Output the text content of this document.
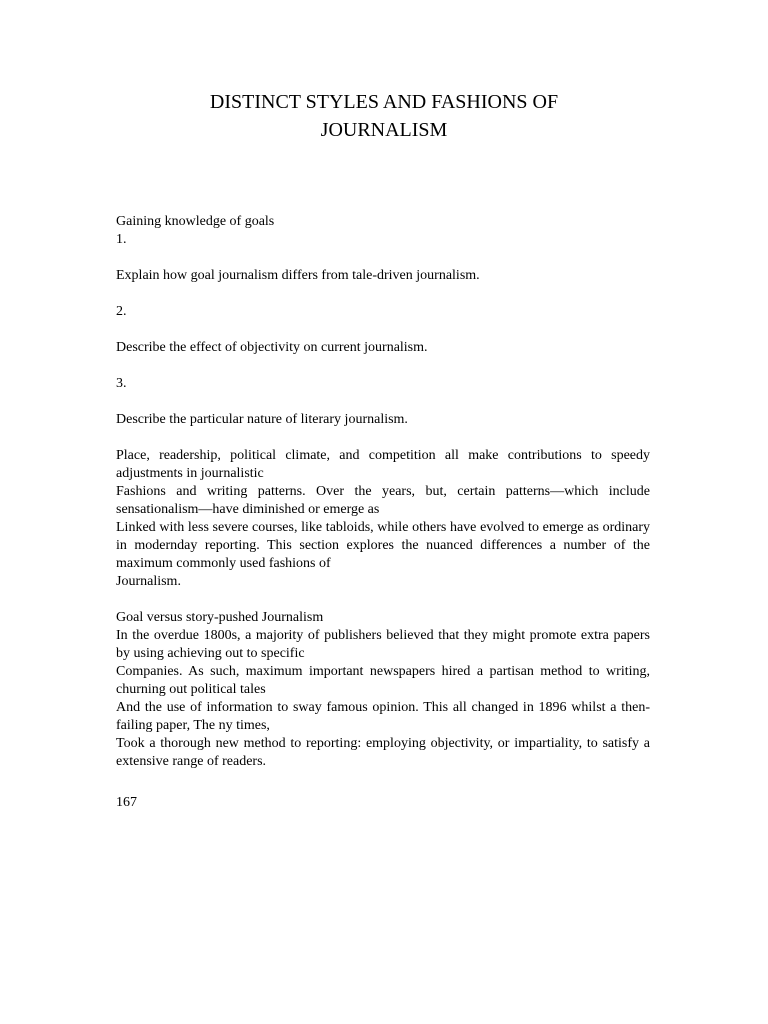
DISTINCT STYLES AND FASHIONS OF
JOURNALISM

Gaining knowledge of goals

1.

Explain how goal journalism differs from tale-driven journalism.

2.

Describe the effect of objectivity on current journalism.

3.

Describe the particular nature of literary journalism.

Place, readership, political climate, and competition all make contributions to speedy adjustments in journalistic

Fashions and writing patterns. Over the years, but, certain patterns—which include sensationalism—have diminished or emerge as

Linked with less severe courses, like tabloids, while others have evolved to emerge as ordinary in modernday reporting. This section explores the nuanced differences a number of the maximum commonly used fashions of

Journalism.

Goal versus story-pushed Journalism

In the overdue 1800s, a majority of publishers believed that they might promote extra papers by using achieving out to specific

Companies. As such, maximum important newspapers hired a partisan method to writing, churning out political tales

And the use of information to sway famous opinion. This all changed in 1896 whilst a then-failing paper, The ny times,

Took a thorough new method to reporting: employing objectivity, or impartiality, to satisfy a extensive range of readers.

167
